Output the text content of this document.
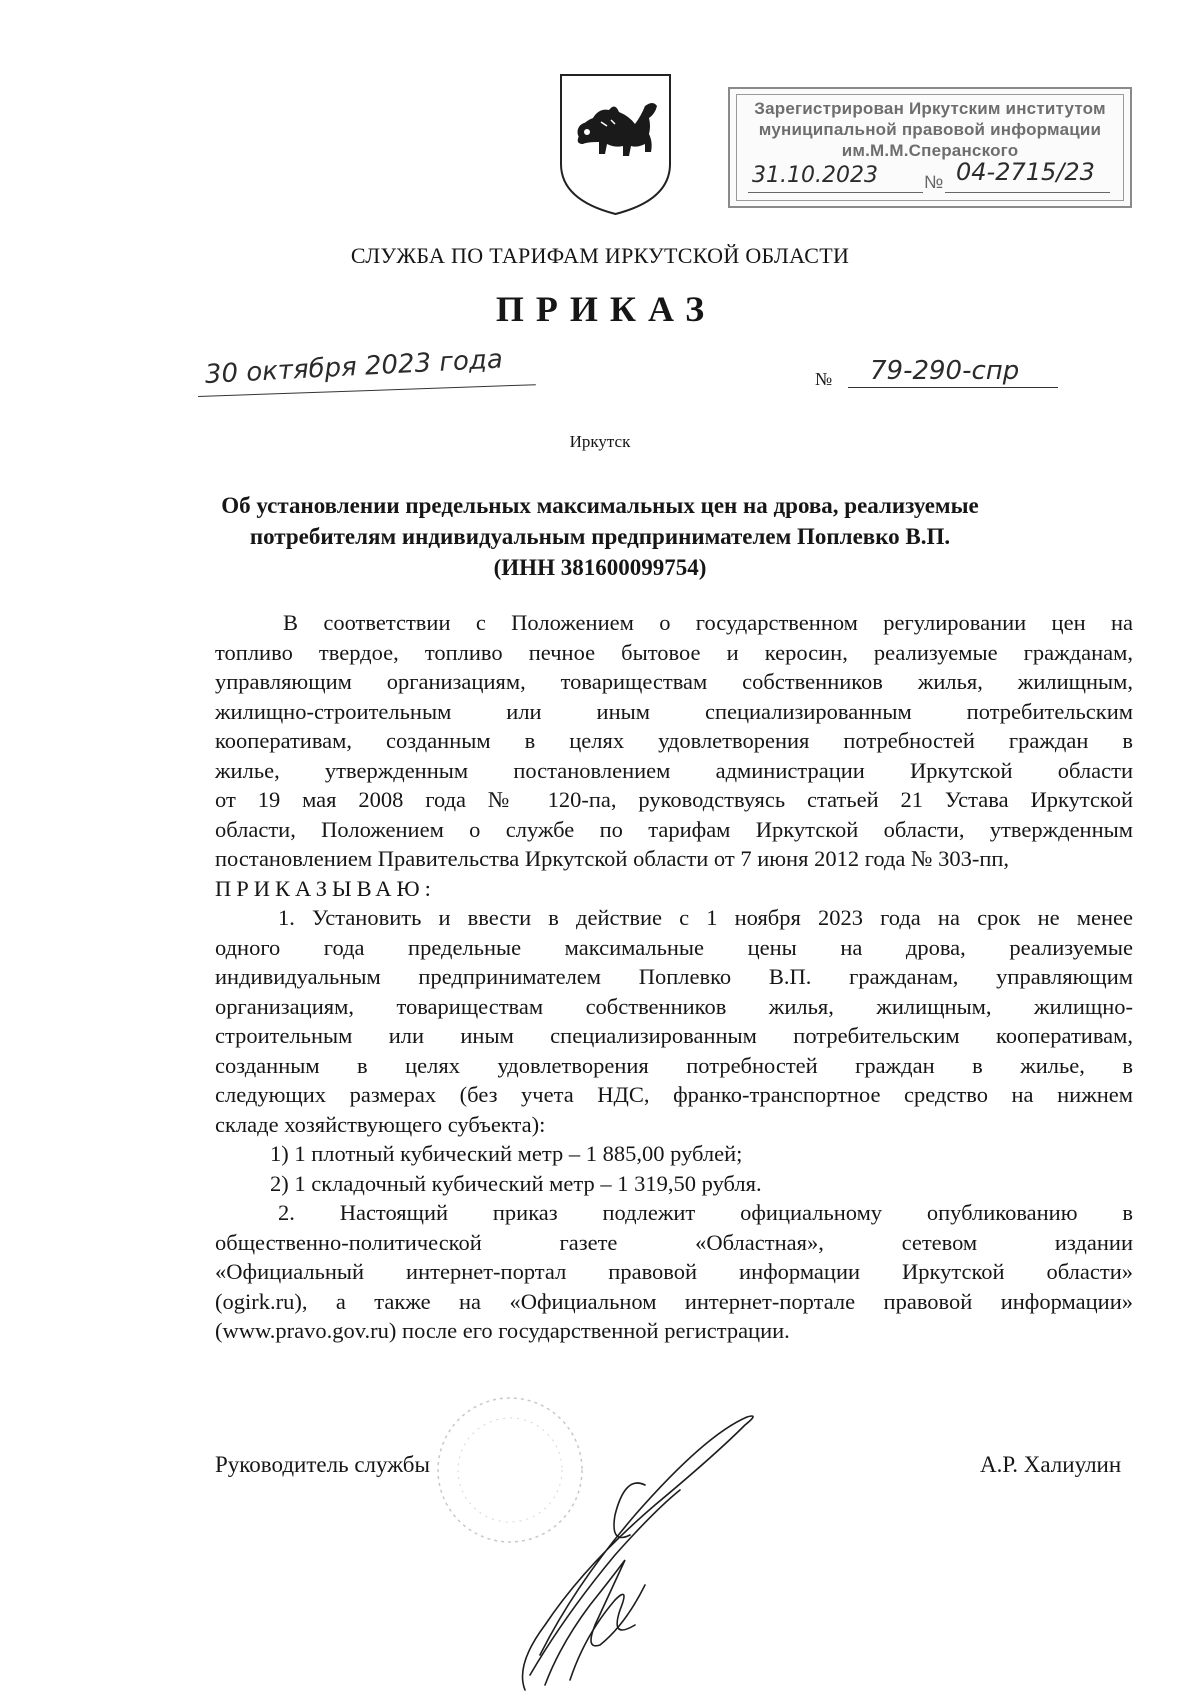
Зарегистрирован Иркутским институтом
муниципальной правовой информации
им.М.М.Сперанского
31.10.2023	№ 04-2715/23
СЛУЖБА ПО ТАРИФАМ ИРКУТСКОЙ ОБЛАСТИ
ПРИКАЗ
30 октября 2023 года	№ 79-290-спр
Иркутск
Об установлении предельных максимальных цен на дрова, реализуемые
потребителям индивидуальным предпринимателем Поплевко В.П.
(ИНН 381600099754)
В соответствии с Положением о государственном регулировании цен на
топливо твердое, топливо печное бытовое и керосин, реализуемые гражданам,
управляющим организациям, товариществам собственников жилья, жилищным,
жилищно-строительным или иным специализированным потребительским
кооперативам, созданным в целях удовлетворения потребностей граждан в
жилье, утвержденным постановлением администрации Иркутской области
от 19 мая 2008 года № 120-па, руководствуясь статьей 21 Устава Иркутской
области, Положением о службе по тарифам Иркутской области, утвержденным
постановлением Правительства Иркутской области от 7 июня 2012 года № 303-пп,
ПРИКАЗЫВАЮ:
1. Установить и ввести в действие с 1 ноября 2023 года на срок не менее
одного года предельные максимальные цены на дрова, реализуемые
индивидуальным предпринимателем Поплевко В.П. гражданам, управляющим
организациям, товариществам собственников жилья, жилищным, жилищно-
строительным или иным специализированным потребительским кооперативам,
созданным в целях удовлетворения потребностей граждан в жилье, в
следующих размерах (без учета НДС, франко-транспортное средство на нижнем
складе хозяйствующего субъекта):
1) 1 плотный кубический метр – 1 885,00 рублей;
2) 1 складочный кубический метр – 1 319,50 рубля.
2. Настоящий приказ подлежит официальному опубликованию в
общественно-политической газете «Областная», сетевом издании
«Официальный интернет-портал правовой информации Иркутской области»
(ogirk.ru), а также на «Официальном интернет-портале правовой информации»
(www.pravo.gov.ru) после его государственной регистрации.
Руководитель службы	А.Р. Халиулин
